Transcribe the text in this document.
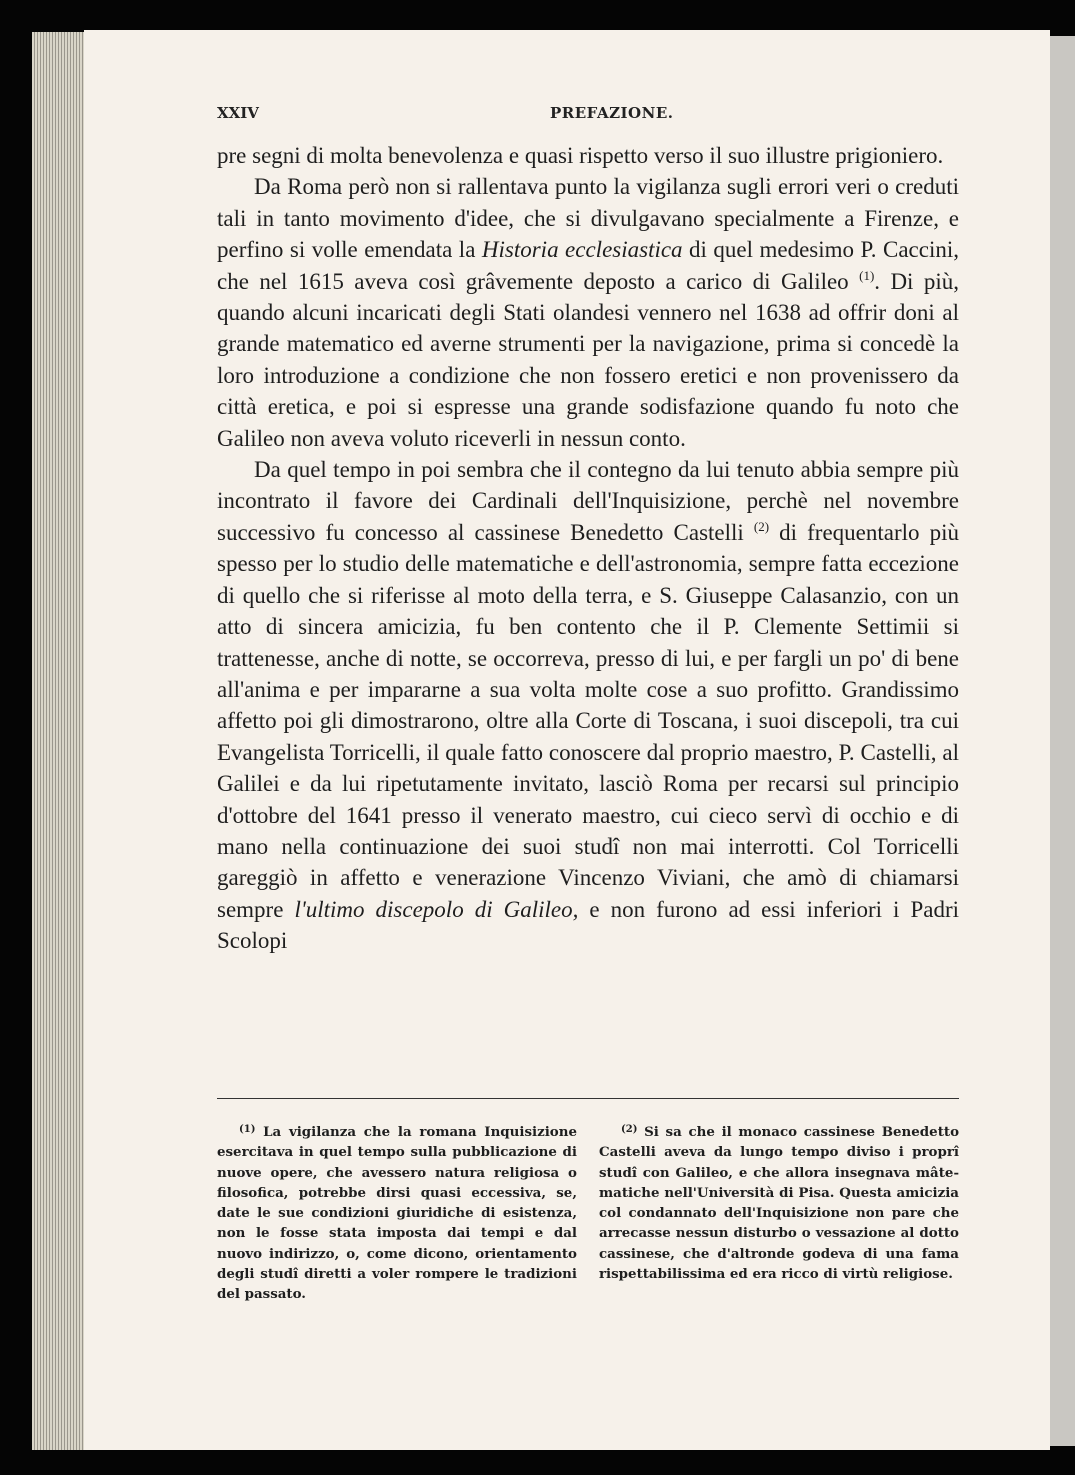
XXIV	PREFAZIONE.

pre segni di molta benevolenza e quasi rispetto verso il suo illustre prigioniero.

Da Roma però non si rallentava punto la vigilanza sugli errori veri o creduti tali in tanto movimento d'idee, che si divulgavano specialmente a Firenze, e perfino si volle emendata la Historia ecclesiastica di quel medesimo P. Caccini, che nel 1615 aveva così grâvemente deposto a carico di Galileo $^{(1)}$. Di più, quando alcuni incaricati degli Stati olandesi vennero nel 1638 ad offrir doni al grande matematico ed averne strumenti per la navigazione, prima si concedè la loro introduzione a condizione che non fossero eretici e non provenissero da città eretica, e poi si espresse una grande sodisfazione quando fu noto che Galileo non aveva voluto riceverli in nessun conto.

Da quel tempo in poi sembra che il contegno da lui tenuto abbia sempre più incontrato il favore dei Cardinali dell'Inquisizione, perchè nel novembre successivo fu concesso al cassinese Benedetto Castelli $^{(2)}$ di frequentarlo più spesso per lo studio delle matematiche e dell'astronomia, sempre fatta eccezione di quello che si riferisse al moto della terra, e S. Giuseppe Calasanzio, con un atto di sincera amicizia, fu ben contento che il P. Clemente Settimii si trattenesse, anche di notte, se occorreva, presso di lui, e per fargli un po' di bene all'anima e per impararne a sua volta molte cose a suo profitto. Grandissimo affetto poi gli dimostrarono, oltre alla Corte di Toscana, i suoi discepoli, tra cui Evangelista Torricelli, il quale fatto conoscere dal proprio maestro, P. Castelli, al Galilei e da lui ripetutamente invitato, lasciò Roma per recarsi sul principio d'ottobre del 1641 presso il venerato maestro, cui cieco servì di occhio e di mano nella continuazione dei suoi studî non mai interrotti. Col Torricelli gareggiò in affetto e venerazione Vincenzo Viviani, che amò di chiamarsi sempre l'ultimo discepolo di Galileo, e non furono ad essi inferiori i Padri Scolopi

$^{(1)}$ La vigilanza che la romana Inquisizione esercitava in quel tempo sulla pubblicazione di nuove opere, che avessero natura religiosa o filosofica, potrebbe dirsi quasi eccessiva, se, date le sue condizioni giuridiche di esistenza, non le fosse stata imposta dai tempi e dal nuovo indirizzo, o, come dicono, orientamento degli studî diretti a voler rompere le tradizioni del passato.

$^{(2)}$ Si sa che il monaco cassinese Benedetto Castelli aveva da lungo tempo diviso i proprî studî con Galileo, e che allora insegnava mâtematiche nell'Università di Pisa. Questa amicizia col condannato dell'Inquisizione non pare che arrecasse nessun disturbo o vessazione al dotto cassinese, che d'altronde godeva di una fama rispettabilissima ed era ricco di virtù religiose.
